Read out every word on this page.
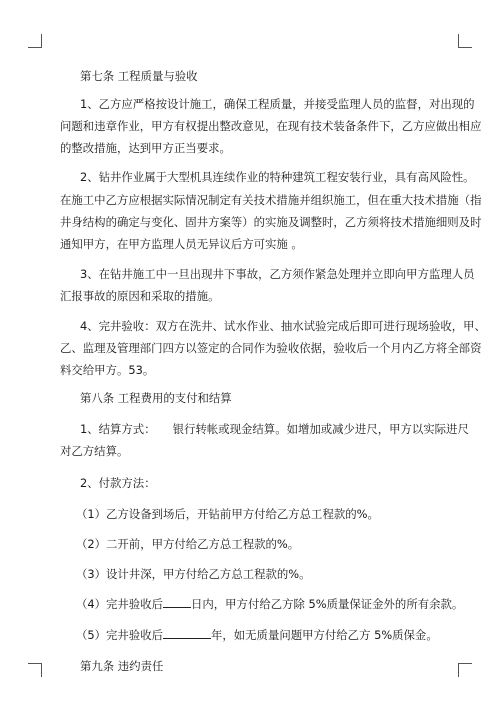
第七条 工程质量与验收
1、乙方应严格按设计施工，确保工程质量，并接受监理人员的监督，对出现的
问题和违章作业，甲方有权提出整改意见，在现有技术装备条件下，乙方应做出相应
的整改措施，达到甲方正当要求。
2、钻井作业属于大型机具连续作业的特种建筑工程安装行业，具有高风险性。
在施工中乙方应根据实际情况制定有关技术措施并组织施工，但在重大技术措施（指
井身结构的确定与变化、固井方案等）的实施及调整时，乙方须将技术措施细则及时
通知甲方，在甲方监理人员无异议后方可实施 。
3、在钻井施工中一旦出现井下事故，乙方须作紧急处理并立即向甲方监理人员
汇报事故的原因和采取的措施。
4、完井验收：双方在洗井、试水作业、抽水试验完成后即可进行现场验收，甲、
乙、监理及管理部门四方以签定的合同作为验收依据，验收后一个月内乙方将全部资
料交给甲方。53。
第八条 工程费用的支付和结算
1、结算方式：　　银行转帐或现金结算。如增加或减少进尺，甲方以实际进尺
对乙方结算。
2、付款方法：
（1）乙方设备到场后，开钻前甲方付给乙方总工程款的%。
（2）二开前，甲方付给乙方总工程款的%。
（3）设计井深，甲方付给乙方总工程款的%。
（4）完井验收后 日内，甲方付给乙方除 5%质量保证金外的所有余款。
（5）完井验收后	年，如无质量问题甲方付给乙方 5%质保金。
第九条 违约责任
